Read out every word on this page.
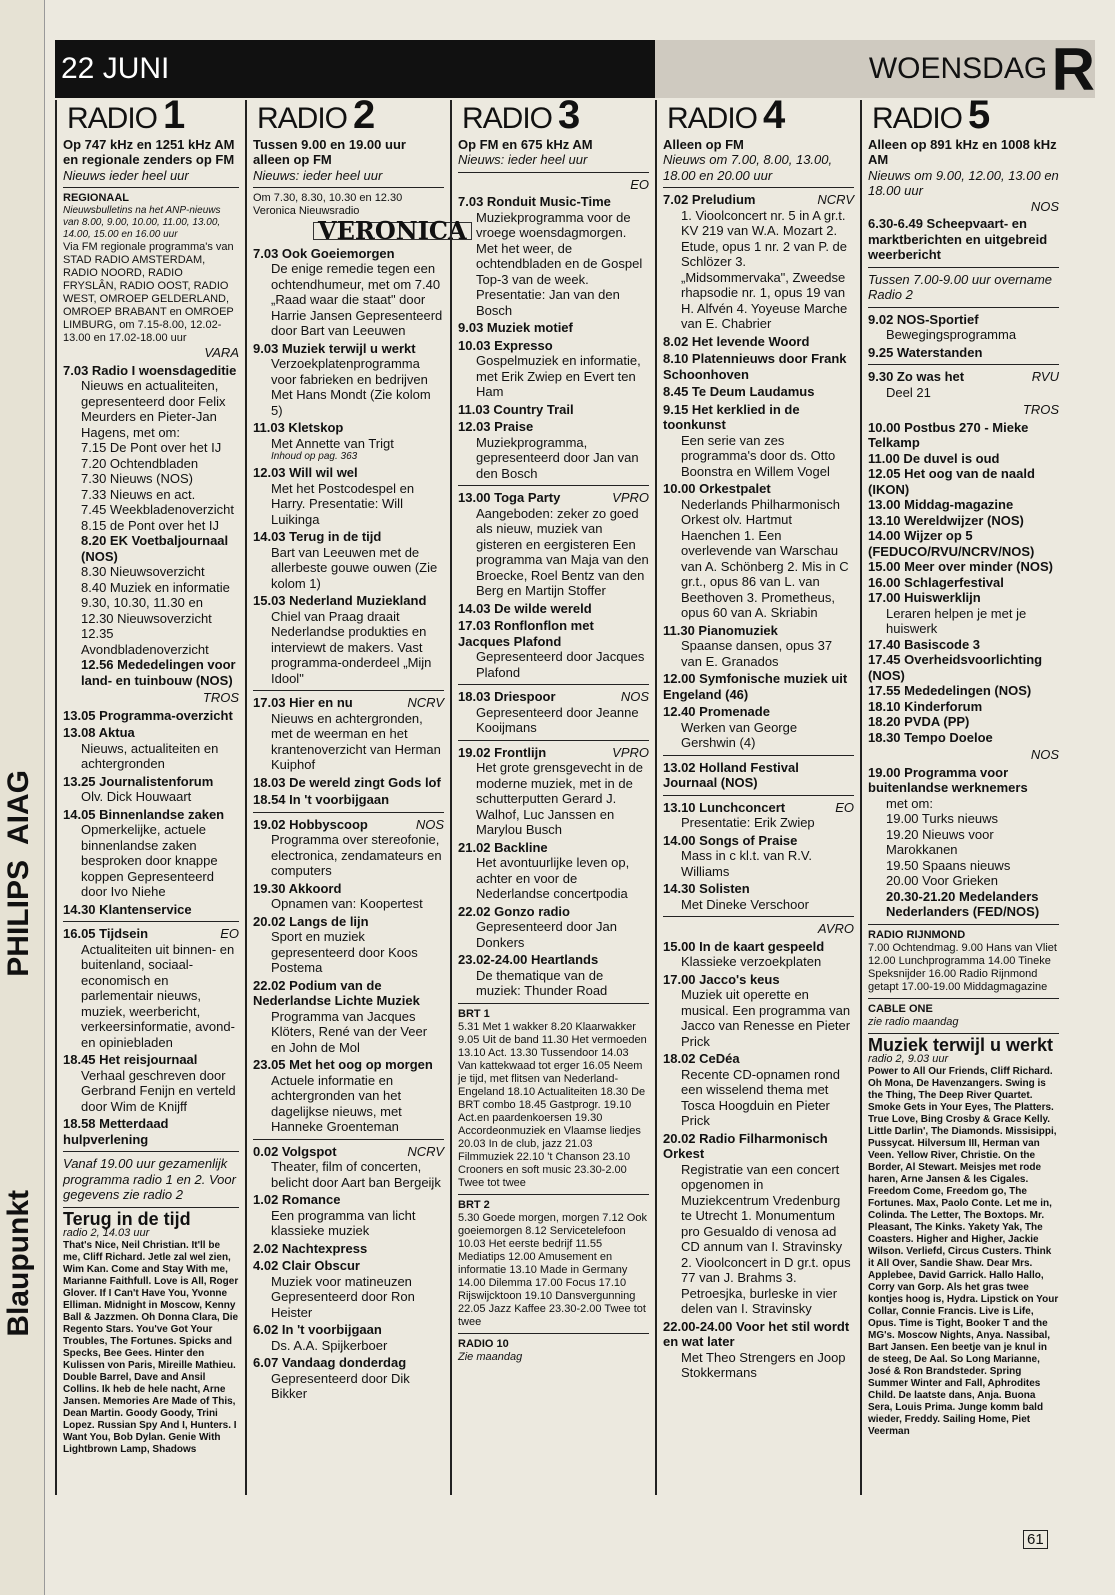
Blaupunkt
PHILIPS
AIAG
22 JUNI	WOENSDAG R
RADIO 1
Op 747 kHz en 1251 kHz AM en regionale zenders op FM
Nieuws ieder heel uur
REGIONAAL
Nieuwsbulletins na het ANP-nieuws van 8.00, 9.00, 10.00, 11.00, 13.00, 14.00, 15.00 en 16.00 uur
Via FM regionale programma's van STAD RADIO AMSTERDAM, RADIO NOORD, RADIO FRYSLÂN, RADIO OOST, RADIO WEST, OMROEP GELDERLAND, OMROEP BRABANT en OMROEP LIMBURG, om 7.15-8.00, 12.02-13.00 en 17.02-18.00 uur
VARA
7.03 Radio I woensdageditie
Nieuws en actualiteiten, gepresenteerd door Felix Meurders en Pieter-Jan Hagens, met om:
7.15 De Pont over het IJ
7.20 Ochtendbladen
7.30 Nieuws (NOS)
7.33 Nieuws en act.
7.45 Weekbladenoverzicht
8.15 de Pont over het IJ
8.20 EK Voetbaljournaal (NOS)
8.30 Nieuwsoverzicht
8.40 Muziek en informatie
9.30, 10.30, 11.30 en 12.30 Nieuwsoverzicht
12.35 Avondbladenoverzicht
12.56 Mededelingen voor land- en tuinbouw (NOS)
TROS
13.05 Programma-overzicht
13.08 Aktua
Nieuws, actualiteiten en achtergronden
13.25 Journalistenforum
Olv. Dick Houwaart
14.05 Binnenlandse zaken
Opmerkelijke, actuele binnenlandse zaken besproken door knappe koppen Gepresenteerd door Ivo Niehe
14.30 Klantenservice
16.05 Tijdsein	EO
Actualiteiten uit binnen- en buitenland, sociaal-economisch en parlementair nieuws, muziek, weerbericht, verkeersinformatie, avond- en opiniebladen
18.45 Het reisjournaal
Verhaal geschreven door Gerbrand Fenijn en verteld door Wim de Knijff
18.58 Metterdaad hulpverlening
Vanaf 19.00 uur gezamenlijk programma radio 1 en 2. Voor gegevens zie radio 2
Terug in de tijd
radio 2, 14.03 uur
That's Nice, Neil Christian. It'll be me, Cliff Richard. Jetle zal wel zien, Wim Kan. Come and Stay With me, Marianne Faithfull. Love is All, Roger Glover. If I Can't Have You, Yvonne Elliman. Midnight in Moscow, Kenny Ball & Jazzmen. Oh Donna Clara, Die Regento Stars. You've Got Your Troubles, The Fortunes. Spicks and Specks, Bee Gees. Hinter den Kulissen von Paris, Mireille Mathieu. Double Barrel, Dave and Ansil Collins. Ik heb de hele nacht, Arne Jansen. Memories Are Made of This, Dean Martin. Goody Goody, Trini Lopez. Russian Spy And I, Hunters. I Want You, Bob Dylan. Genie With Lightbrown Lamp, Shadows
RADIO 2
Tussen 9.00 en 19.00 uur alleen op FM
Nieuws: ieder heel uur
Om 7.30, 8.30, 10.30 en 12.30 Veronica Nieuwsradio
VERONICA
7.03 Ook Goeiemorgen
De enige remedie tegen een ochtendhumeur, met om 7.40 „Raad waar die staat" door Harrie Jansen Gepresenteerd door Bart van Leeuwen
9.03 Muziek terwijl u werkt
Verzoekplatenprogramma voor fabrieken en bedrijven Met Hans Mondt (Zie kolom 5)
11.03 Kletskop
Met Annette van Trigt
Inhoud op pag. 363
12.03 Will wil wel
Met het Postcodespel en Harry. Presentatie: Will Luikinga
14.03 Terug in de tijd
Bart van Leeuwen met de allerbeste gouwe ouwen (Zie kolom 1)
15.03 Nederland Muziekland
Chiel van Praag draait Nederlandse produkties en interviewt de makers. Vast programma-onderdeel „Mijn Idool"
17.03 Hier en nu	NCRV
Nieuws en achtergronden, met de weerman en het krantenoverzicht van Herman Kuiphof
18.03 De wereld zingt Gods lof
18.54 In 't voorbijgaan
19.02 Hobbyscoop	NOS
Programma over stereofonie, electronica, zendamateurs en computers
19.30 Akkoord
Opnamen van: Koopertest
20.02 Langs de lijn
Sport en muziek gepresenteerd door Koos Postema
22.02 Podium van de Nederlandse Lichte Muziek
Programma van Jacques Klöters, René van der Veer en John de Mol
23.05 Met het oog op morgen
Actuele informatie en achtergronden van het dagelijkse nieuws, met Hanneke Groenteman
0.02 Volgspot	NCRV
Theater, film of concerten, belicht door Aart ban Bergeijk
1.02 Romance
Een programma van licht klassieke muziek
2.02 Nachtexpress
4.02 Clair Obscur
Muziek voor matineuzen Gepresenteerd door Ron Heister
6.02 In 't voorbijgaan
Ds. A.A. Spijkerboer
6.07 Vandaag donderdag
Gepresenteerd door Dik Bikker
RADIO 3
Op FM en 675 kHz AM
Nieuws: ieder heel uur
EO
7.03 Ronduit Music-Time
Muziekprogramma voor de vroege woensdagmorgen. Met het weer, de ochtendbladen en de Gospel Top-3 van de week. Presentatie: Jan van den Bosch
9.03 Muziek motief
10.03 Expresso
Gospelmuziek en informatie, met Erik Zwiep en Evert ten Ham
11.03 Country Trail
12.03 Praise
Muziekprogramma, gepresenteerd door Jan van den Bosch
13.00 Toga Party	VPRO
Aangeboden: zeker zo goed als nieuw, muziek van gisteren en eergisteren Een programma van Maja van den Broecke, Roel Bentz van den Berg en Martijn Stoffer
14.03 De wilde wereld
17.03 Ronflonflon met Jacques Plafond
Gepresenteerd door Jacques Plafond
18.03 Driespoor	NOS
Gepresenteerd door Jeanne Kooijmans
19.02 Frontlijn	VPRO
Het grote grensgevecht in de moderne muziek, met in de schutterputten Gerard J. Walhof, Luc Janssen en Marylou Busch
21.02 Backline
Het avontuurlijke leven op, achter en voor de Nederlandse concertpodia
22.02 Gonzo radio
Gepresenteerd door Jan Donkers
23.02-24.00 Heartlands
De thematique van de muziek: Thunder Road
BRT 1
5.31 Met 1 wakker 8.20 Klaarwakker 9.05 Uit de band 11.30 Het vermoeden 13.10 Act. 13.30 Tussendoor 14.03 Van kattekwaad tot erger 16.05 Neem je tijd, met flitsen van Nederland-Engeland 18.10 Actualiteiten 18.30 De BRT combo 18.45 Gastprogr. 19.10 Act.en paardenkoersen 19.30 Accordeonmuziek en Vlaamse liedjes 20.03 In de club, jazz 21.03 Filmmuziek 22.10 't Chanson 23.10 Crooners en soft music 23.30-2.00 Twee tot twee
BRT 2
5.30 Goede morgen, morgen 7.12 Ook goeiemorgen 8.12 Servicetelefoon 10.03 Het eerste bedrijf 11.55 Mediatips 12.00 Amusement en informatie 13.10 Made in Germany 14.00 Dilemma 17.00 Focus 17.10 Rijswijcktoon 19.10 Dansvergunning 22.05 Jazz Kaffee 23.30-2.00 Twee tot twee
RADIO 10
Zie maandag
RADIO 4
Alleen op FM
Nieuws om 7.00, 8.00, 13.00, 18.00 en 20.00 uur
7.02 Preludium	NCRV
1. Vioolconcert nr. 5 in A gr.t. KV 219 van W.A. Mozart 2. Etude, opus 1 nr. 2 van P. de Schlözer 3. „Midsommervaka", Zweedse rhapsodie nr. 1, opus 19 van H. Alfvén 4. Yoyeuse Marche van E. Chabrier
8.02 Het levende Woord
8.10 Platennieuws door Frank Schoonhoven
8.45 Te Deum Laudamus
9.15 Het kerklied in de toonkunst
Een serie van zes programma's door ds. Otto Boonstra en Willem Vogel
10.00 Orkestpalet
Nederlands Philharmonisch Orkest olv. Hartmut Haenchen 1. Een overlevende van Warschau van A. Schönberg 2. Mis in C gr.t., opus 86 van L. van Beethoven 3. Prometheus, opus 60 van A. Skriabin
11.30 Pianomuziek
Spaanse dansen, opus 37 van E. Granados
12.00 Symfonische muziek uit Engeland (46)
12.40 Promenade
Werken van George Gershwin (4)
13.02 Holland Festival Journaal (NOS)
13.10 Lunchconcert	EO
Presentatie: Erik Zwiep
14.00 Songs of Praise
Mass in c kl.t. van R.V. Williams
14.30 Solisten
Met Dineke Verschoor
AVRO
15.00 In de kaart gespeeld
Klassieke verzoekplaten
17.00 Jacco's keus
Muziek uit operette en musical. Een programma van Jacco van Renesse en Pieter Prick
18.02 CeDéa
Recente CD-opnamen rond een wisselend thema met Tosca Hoogduin en Pieter Prick
20.02 Radio Filharmonisch Orkest
Registratie van een concert opgenomen in Muziekcentrum Vredenburg te Utrecht 1. Monumentum pro Gesualdo di venosa ad CD annum van I. Stravinsky 2. Vioolconcert in D gr.t. opus 77 van J. Brahms 3. Petroesjka, burleske in vier delen van I. Stravinsky
22.00-24.00 Voor het stil wordt en wat later
Met Theo Strengers en Joop Stokkermans
RADIO 5
Alleen op 891 kHz en 1008 kHz AM
Nieuws om 9.00, 12.00, 13.00 en 18.00 uur
NOS
6.30-6.49 Scheepvaart- en marktberichten en uitgebreid weerbericht
Tussen 7.00-9.00 uur overname Radio 2
9.02 NOS-Sportief
Bewegingsprogramma
9.25 Waterstanden
9.30 Zo was het	RVU
Deel 21
TROS
10.00 Postbus 270 - Mieke Telkamp
11.00 De duvel is oud
12.05 Het oog van de naald (IKON)
13.00 Middag-magazine
13.10 Wereldwijzer (NOS)
14.00 Wijzer op 5 (FEDUCO/RVU/NCRV/NOS)
15.00 Meer over minder (NOS)
16.00 Schlagerfestival
17.00 Huiswerklijn
Leraren helpen je met je huiswerk
17.40 Basiscode 3
17.45 Overheidsvoorlichting (NOS)
17.55 Mededelingen (NOS)
18.10 Kinderforum
18.20 PVDA (PP)
18.30 Tempo Doeloe
NOS
19.00 Programma voor buitenlandse werknemers
met om:
19.00 Turks nieuws
19.20 Nieuws voor Marokkanen
19.50 Spaans nieuws
20.00 Voor Grieken
20.30-21.20 Medelanders Nederlanders (FED/NOS)
RADIO RIJNMOND
7.00 Ochtendmag. 9.00 Hans van Vliet 12.00 Lunchprogramma 14.00 Tineke Speksnijder 16.00 Radio Rijnmond getapt 17.00-19.00 Middagmagazine
CABLE ONE
zie radio maandag
Muziek terwijl u werkt
radio 2, 9.03 uur
Power to All Our Friends, Cliff Richard. Oh Mona, De Havenzangers. Swing is the Thing, The Deep River Quartet. Smoke Gets in Your Eyes, The Platters. True Love, Bing Crosby & Grace Kelly. Little Darlin', The Diamonds. Missisippi, Pussycat. Hilversum III, Herman van Veen. Yellow River, Christie. On the Border, Al Stewart. Meisjes met rode haren, Arne Jansen & les Cigales. Freedom Come, Freedom go, The Fortunes. Max, Paolo Conte. Let me in, Colinda. The Letter, The Boxtops. Mr. Pleasant, The Kinks. Yakety Yak, The Coasters. Higher and Higher, Jackie Wilson. Verliefd, Circus Custers. Think it All Over, Sandie Shaw. Dear Mrs. Applebee, David Garrick. Hallo Hallo, Corry van Gorp. Als het gras twee kontjes hoog is, Hydra. Lipstick on Your Collar, Connie Francis. Live is Life, Opus. Time is Tight, Booker T and the MG's. Moscow Nights, Anya. Nassibal, Bart Jansen. Een beetje van je knul in de steeg, De Aal. So Long Marianne, José & Ron Brandsteder. Spring Summer Winter and Fall, Aphrodites Child. De laatste dans, Anja. Buona Sera, Louis Prima. Junge komm bald wieder, Freddy. Sailing Home, Piet Veerman
61
